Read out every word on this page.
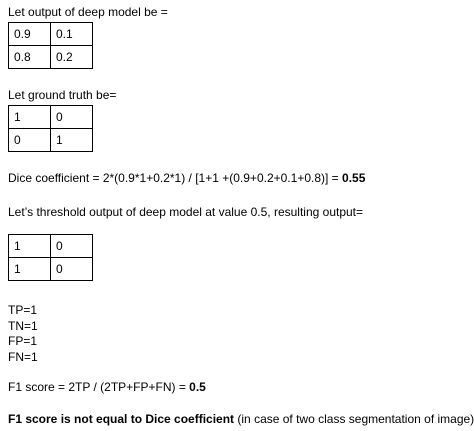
Let output of deep model be =
0.9	0.1
0.8	0.2
Let ground truth be=
1	0
0	1
Dice coefficient = 2*(0.9*1+0.2*1) / [1+1 +(0.9+0.2+0.1+0.8)] = 0.55
Let’s threshold output of deep model at value 0.5, resulting output=
1	0
1	0
TP=1
TN=1
FP=1
FN=1
F1 score = 2TP / (2TP+FP+FN) = 0.5
F1 score is not equal to Dice coefficient (in case of two class segmentation of image)
